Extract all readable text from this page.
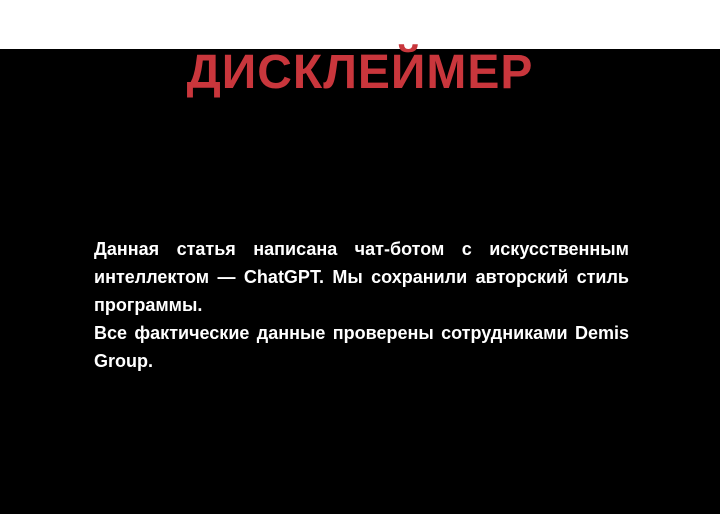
ДИСКЛЕЙМЕР

Данная статья написана чат-ботом с искусственным интеллектом — ChatGPT. Мы сохранили авторский стиль программы.

Все фактические данные проверены сотрудниками Demis Group.
